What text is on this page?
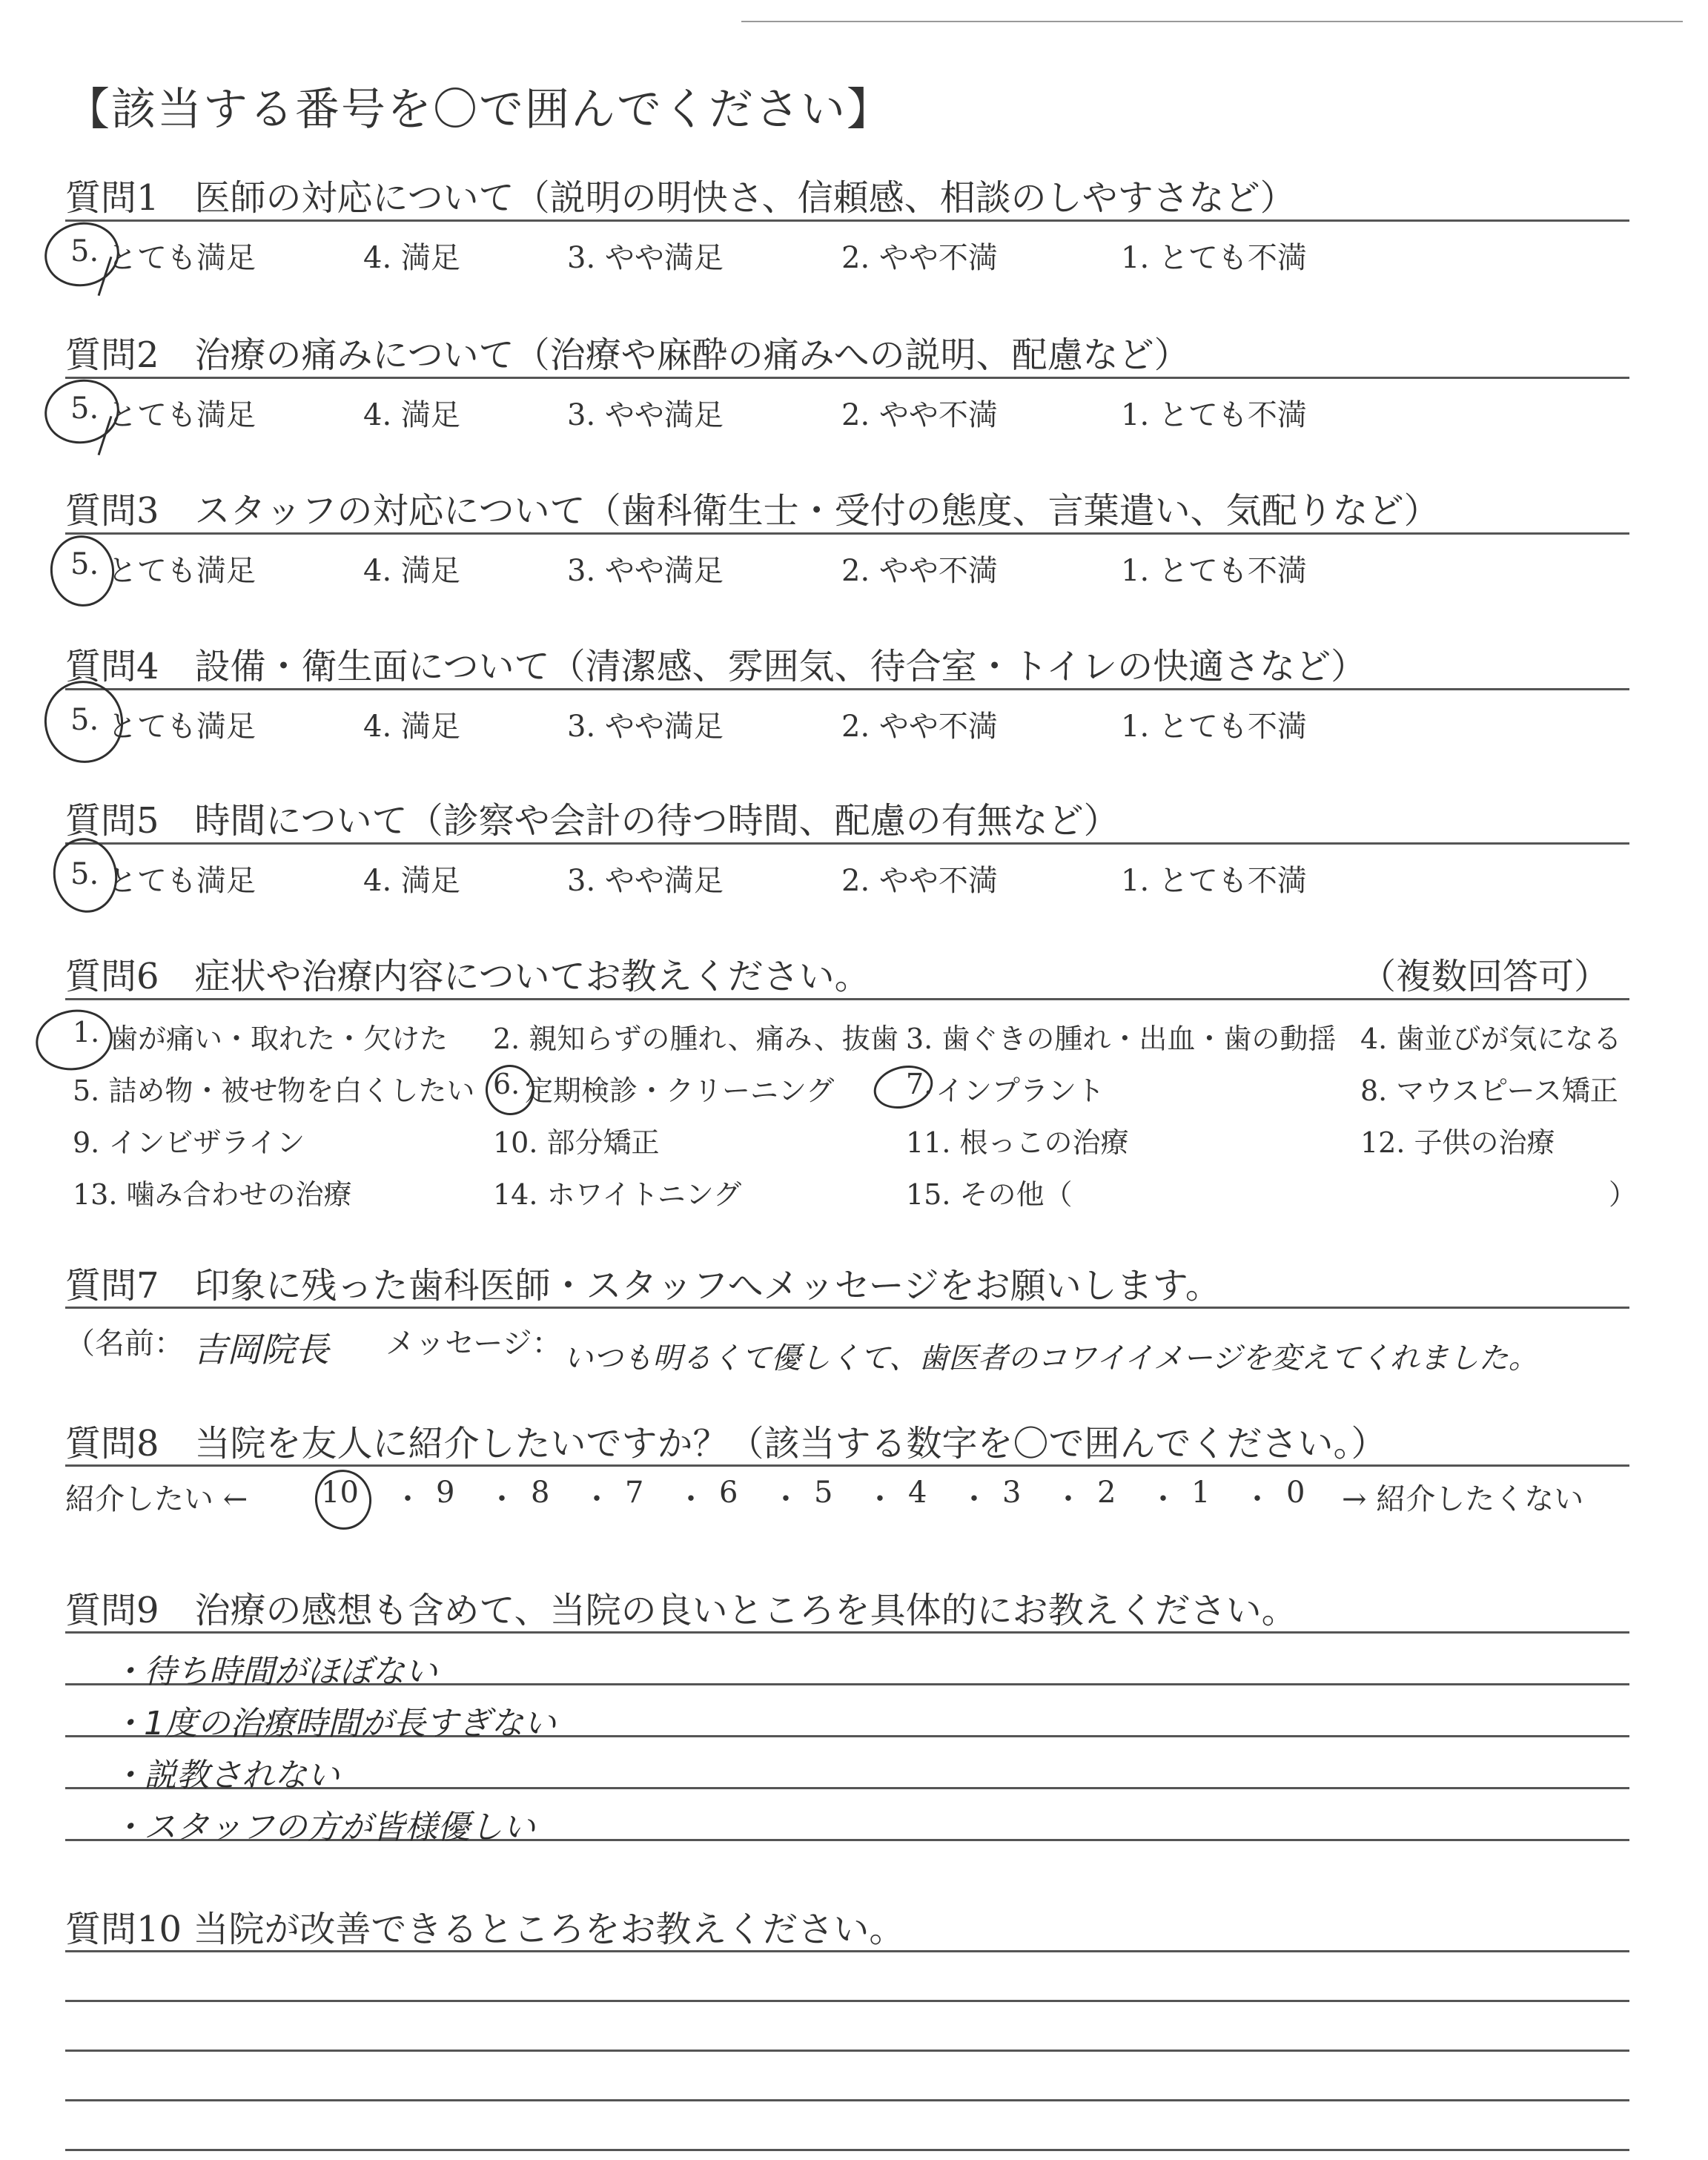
【該当する番号を〇で囲んでください】
質問1　医師の対応について（説明の明快さ、信頼感、相談のしやすさなど）
5. とても満足	4. 満足	3. やや満足	2. やや不満	1. とても不満
質問2　治療の痛みについて（治療や麻酔の痛みへの説明、配慮など）
5. とても満足	4. 満足	3. やや満足	2. やや不満	1. とても不満
質問3　スタッフの対応について（歯科衛生士・受付の態度、言葉遣い、気配りなど）
5. とても満足	4. 満足	3. やや満足	2. やや不満	1. とても不満
質問4　設備・衛生面について（清潔感、雰囲気、待合室・トイレの快適さなど）
5. とても満足	4. 満足	3. やや満足	2. やや不満	1. とても不満
質問5　時間について（診察や会計の待つ時間、配慮の有無など）
5. とても満足	4. 満足	3. やや満足	2. やや不満	1. とても不満
質問6　症状や治療内容についてお教えください。	（複数回答可）
1. 歯が痛い・取れた・欠けた 2. 親知らずの腫れ、痛み、抜歯 3. 歯ぐきの腫れ・出血・歯の動揺 4. 歯並びが気になる
5. 詰め物・被せ物を白くしたい 6. 定期検診・クリーニング	7. インプラント	8. マウスピース矯正
9. インビザライン	10. 部分矯正	11. 根っこの治療	12. 子供の治療
13. 噛み合わせの治療	14. ホワイトニング	15. その他（	）
質問7　印象に残った歯科医師・スタッフへメッセージをお願いします。
（名前： 吉岡院長 メッセージ： いつも明るくて優しくて、歯医者のコワイイメージを変えてくれました。
質問8　当院を友人に紹介したいですか？（該当する数字を〇で囲んでください。）
紹介したい ← 10 ・ 9 ・ 8 ・ 7 ・ 6 ・ 5 ・ 4 ・ 3 ・ 2 ・ 1 ・ 0 → 紹介したくない
質問9　治療の感想も含めて、当院の良いところを具体的にお教えください。
・待ち時間がほぼない
・1度の治療時間が長すぎない
・説教されない
・スタッフの方が皆様優しい
質問10 当院が改善できるところをお教えください。
